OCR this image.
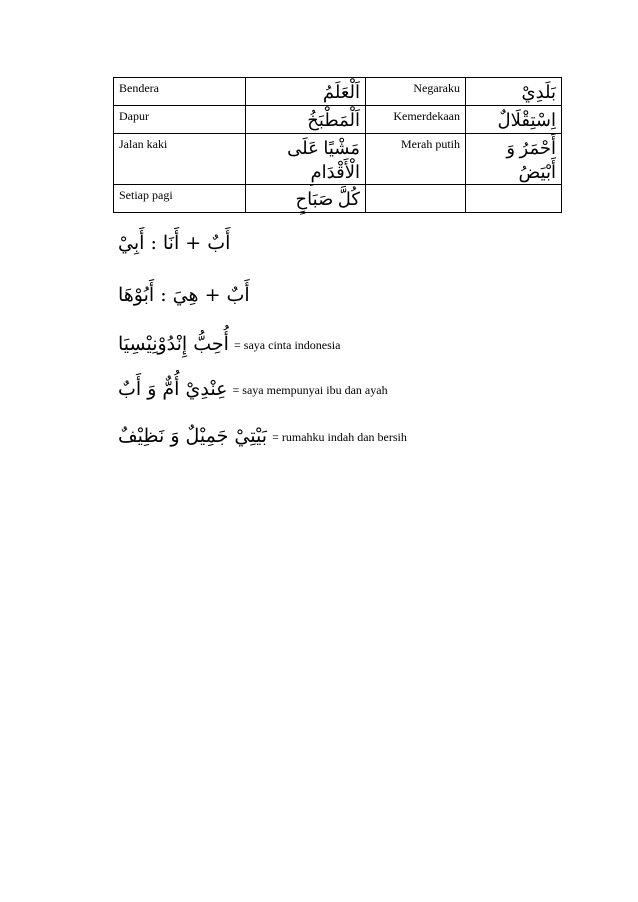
Bendera	اَلْعَلَمُ	Negaraku	بَلَدِيْ
Dapur	اَلْمَطْبَخُ	Kemerdekaan	اِسْتِقْلَالٌ
Jalan kaki	مَشْيًا عَلَى الْأَقْدَامِ	Merah putih	أَحْمَرُ وَ أَبْيَضُ
Setiap pagi	كُلَّ صَبَاحٍ		
أَبٌ + أَنَا : أَبِيْ
أَبٌ + هِيَ : أَبُوْهَا
أُحِبُّ إِنْدُوْنِيْسِيَا = saya cinta indonesia
عِنْدِيْ أُمٌّ وَ أَبٌ = saya mempunyai ibu dan ayah
بَيْتِيْ جَمِيْلٌ وَ نَظِيْفٌ = rumahku indah dan bersih
